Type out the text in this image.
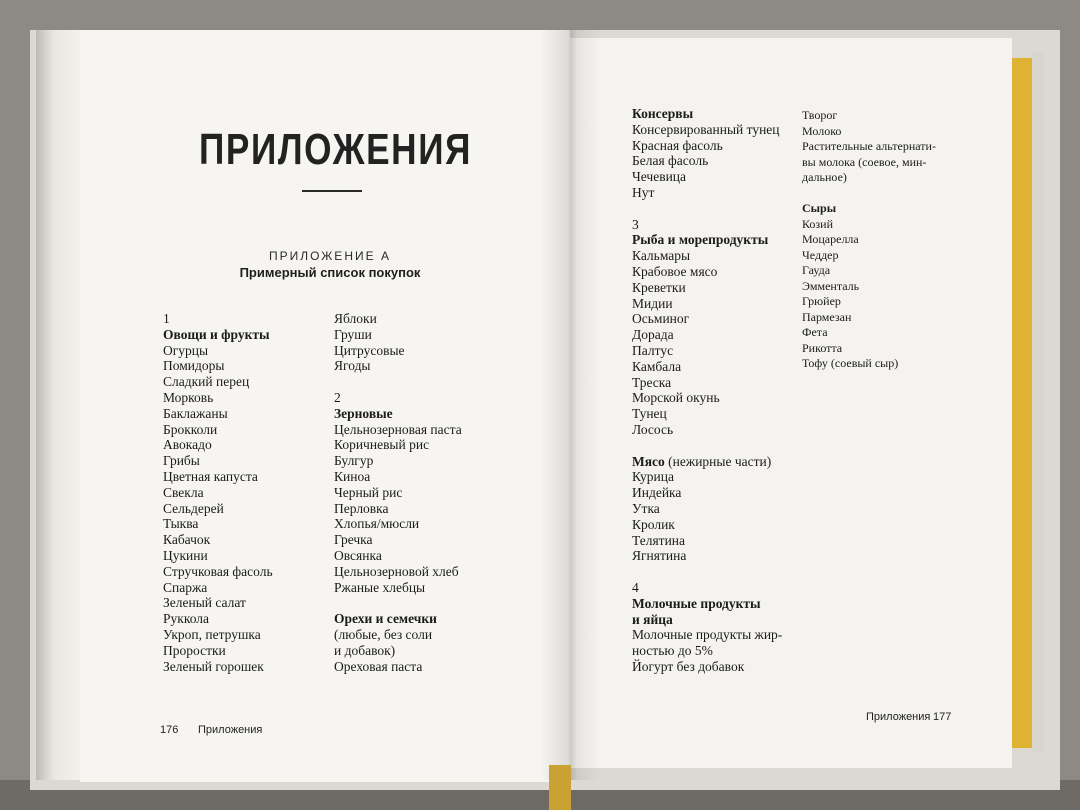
ПРИЛОЖЕНИЯ
ПРИЛОЖЕНИЕ А
Примерный список покупок
1
Овощи и фрукты
Огурцы
Помидоры
Сладкий перец
Морковь
Баклажаны
Брокколи
Авокадо
Грибы
Цветная капуста
Свекла
Сельдерей
Тыква
Кабачок
Цукини
Стручковая фасоль
Спаржа
Зеленый салат
Руккола
Укроп, петрушка
Проростки
Зеленый горошек
Яблоки
Груши
Цитрусовые
Ягоды
2
Зерновые
Цельнозерновая паста
Коричневый рис
Булгур
Киноа
Черный рис
Перловка
Хлопья/мюсли
Гречка
Овсянка
Цельнозерновой хлеб
Ржаные хлебцы
Орехи и семечки
(любые, без соли
и добавок)
Ореховая паста
Консервы
Консервированный тунец
Красная фасоль
Белая фасоль
Чечевица
Нут
3
Рыба и морепродукты
Кальмары
Крабовое мясо
Креветки
Мидии
Осьминог
Дорада
Палтус
Камбала
Треска
Морской окунь
Тунец
Лосось
Мясо (нежирные части)
Курица
Индейка
Утка
Кролик
Телятина
Ягнятина
4
Молочные продукты
и яйца
Молочные продукты жир-
ностью до 5%
Йогурт без добавок
Творог
Молоко
Растительные альтернати-
вы молока (соевое, мин-
дальное)
Сыры
Козий
Моцарелла
Чеддер
Гауда
Эмменталь
Грюйер
Пармезан
Фета
Рикотта
Тофу (соевый сыр)
176 Приложения
Приложения 177
